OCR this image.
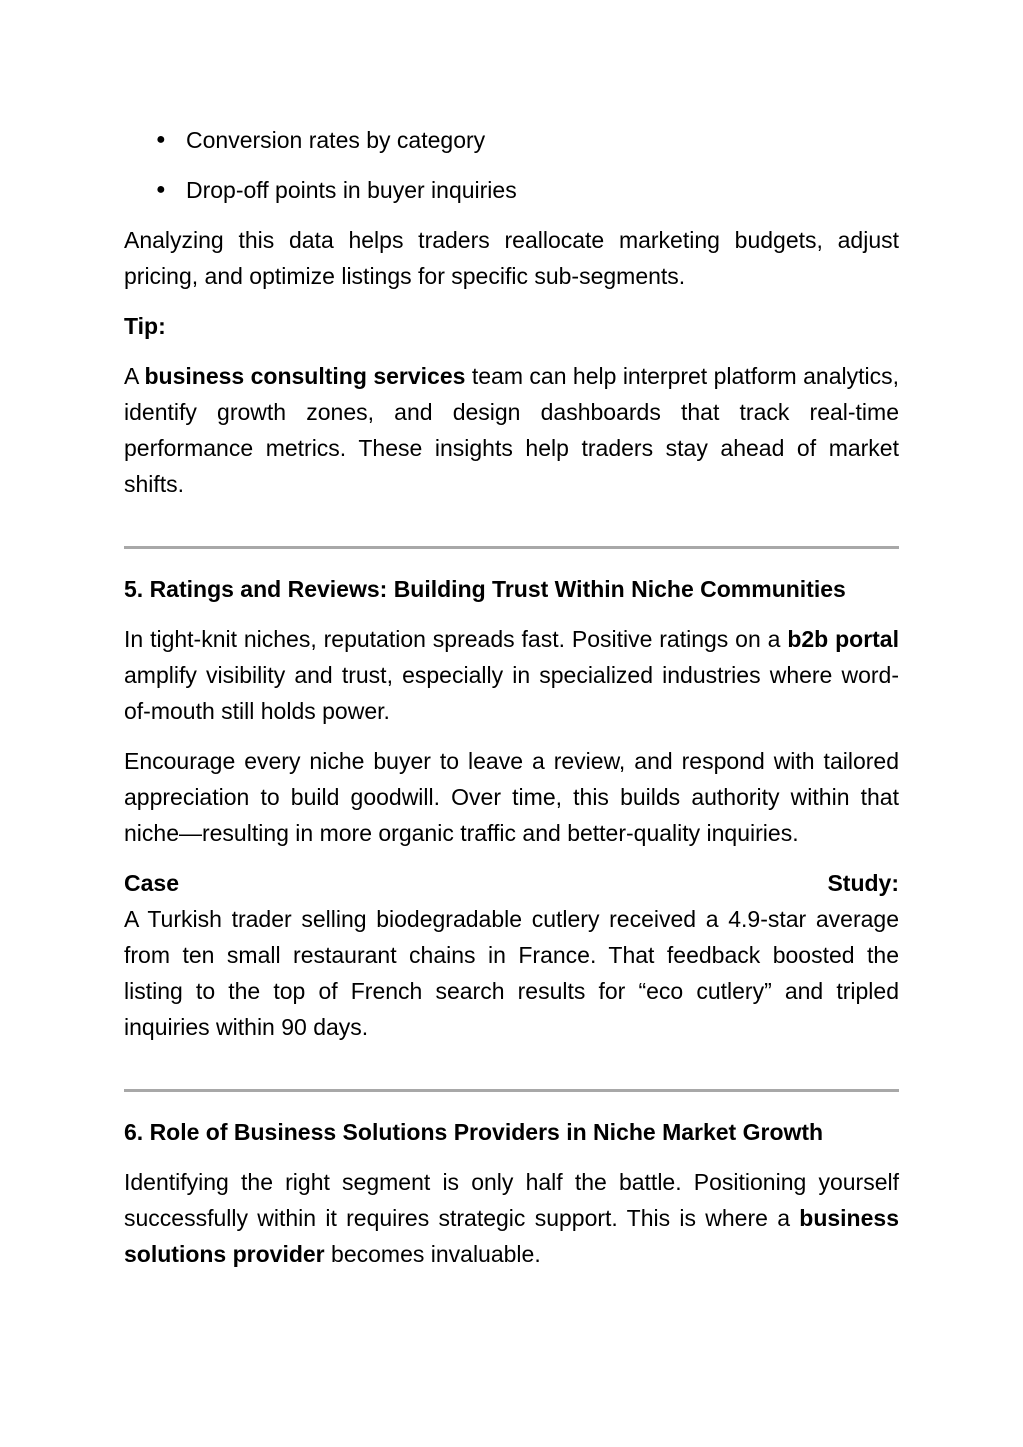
● Conversion rates by category
● Drop-off points in buyer inquiries

Analyzing this data helps traders reallocate marketing budgets, adjust pricing, and optimize listings for specific sub-segments.

Tip:

A business consulting services team can help interpret platform analytics, identify growth zones, and design dashboards that track real-time performance metrics. These insights help traders stay ahead of market shifts.

5. Ratings and Reviews: Building Trust Within Niche Communities

In tight-knit niches, reputation spreads fast. Positive ratings on a b2b portal amplify visibility and trust, especially in specialized industries where word-of-mouth still holds power.

Encourage every niche buyer to leave a review, and respond with tailored appreciation to build goodwill. Over time, this builds authority within that niche—resulting in more organic traffic and better-quality inquiries.

Case	Study:

A Turkish trader selling biodegradable cutlery received a 4.9-star average from ten small restaurant chains in France. That feedback boosted the listing to the top of French search results for “eco cutlery” and tripled inquiries within 90 days.

6. Role of Business Solutions Providers in Niche Market Growth

Identifying the right segment is only half the battle. Positioning yourself successfully within it requires strategic support. This is where a business solutions provider becomes invaluable.
